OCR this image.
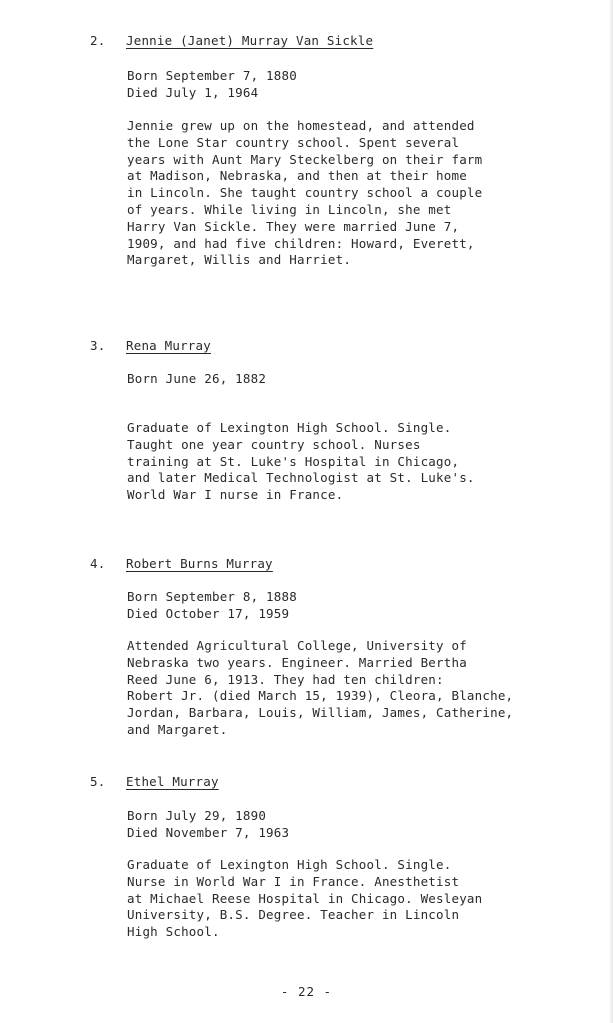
2. Jennie (Janet) Murray Van Sickle
Born September 7, 1880
Died July 1, 1964
Jennie grew up on the homestead, and attended
the Lone Star country school. Spent several
years with Aunt Mary Steckelberg on their farm
at Madison, Nebraska, and then at their home
in Lincoln. She taught country school a couple
of years. While living in Lincoln, she met
Harry Van Sickle. They were married June 7,
1909, and had five children: Howard, Everett,
Margaret, Willis and Harriet.
3. Rena Murray
Born June 26, 1882
Graduate of Lexington High School. Single.
Taught one year country school. Nurses
training at St. Luke's Hospital in Chicago,
and later Medical Technologist at St. Luke's.
World War I nurse in France.
4. Robert Burns Murray
Born September 8, 1888
Died October 17, 1959
Attended Agricultural College, University of
Nebraska two years. Engineer. Married Bertha
Reed June 6, 1913. They had ten children:
Robert Jr. (died March 15, 1939), Cleora, Blanche,
Jordan, Barbara, Louis, William, James, Catherine,
and Margaret.
5. Ethel Murray
Born July 29, 1890
Died November 7, 1963
Graduate of Lexington High School. Single.
Nurse in World War I in France. Anesthetist
at Michael Reese Hospital in Chicago. Wesleyan
University, B.S. Degree. Teacher in Lincoln
High School.
- 22 -
